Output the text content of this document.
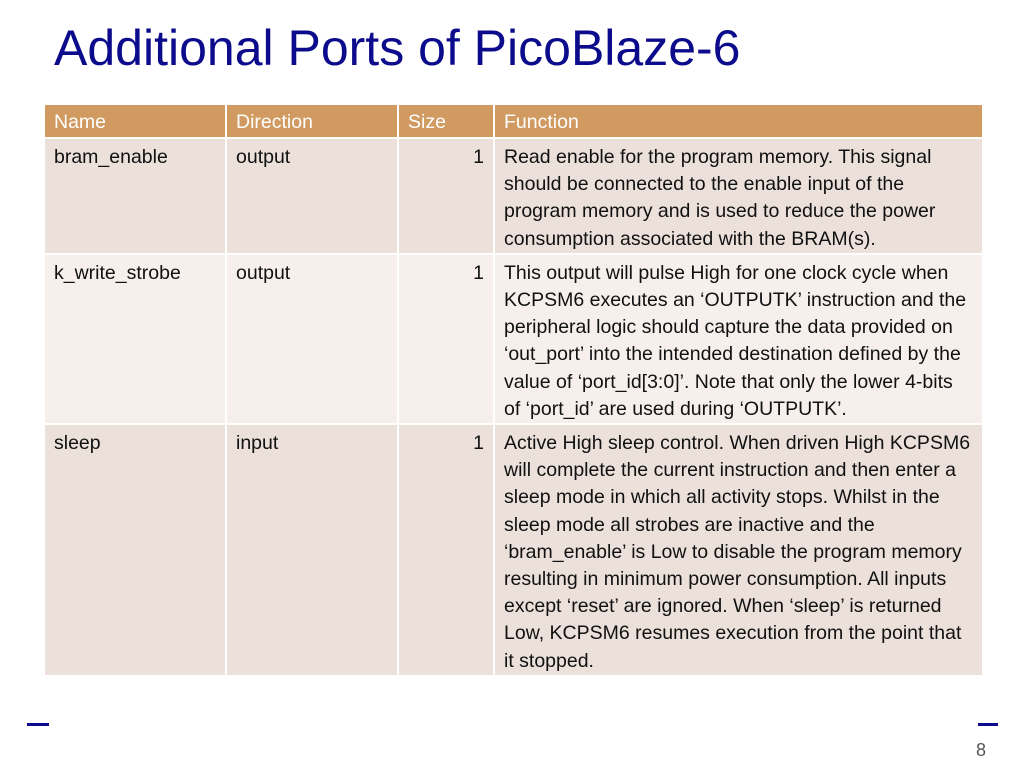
Additional Ports of PicoBlaze-6
8
Name	Direction	Size	Function
bram_enable	output	1	Read enable for the program memory. This signal should be connected to the enable input of the program memory and is used to reduce the power consumption associated with the BRAM(s).
k_write_strobe	output	1	This output will pulse High for one clock cycle when KCPSM6 executes an ‘OUTPUTK’ instruction and the peripheral logic should capture the data provided on ‘out_port’ into the intended destination defined by the value of ‘port_id[3:0]’. Note that only the lower 4-bits of ‘port_id’ are used during ‘OUTPUTK’.
sleep	input	1	Active High sleep control. When driven High KCPSM6 will complete the current instruction and then enter a sleep mode in which all activity stops. Whilst in the sleep mode all strobes are inactive and the ‘bram_enable’ is Low to disable the program memory resulting in minimum power consumption. All inputs except ‘reset’ are ignored. When ‘sleep’ is returned Low, KCPSM6 resumes execution from the point that it stopped.
